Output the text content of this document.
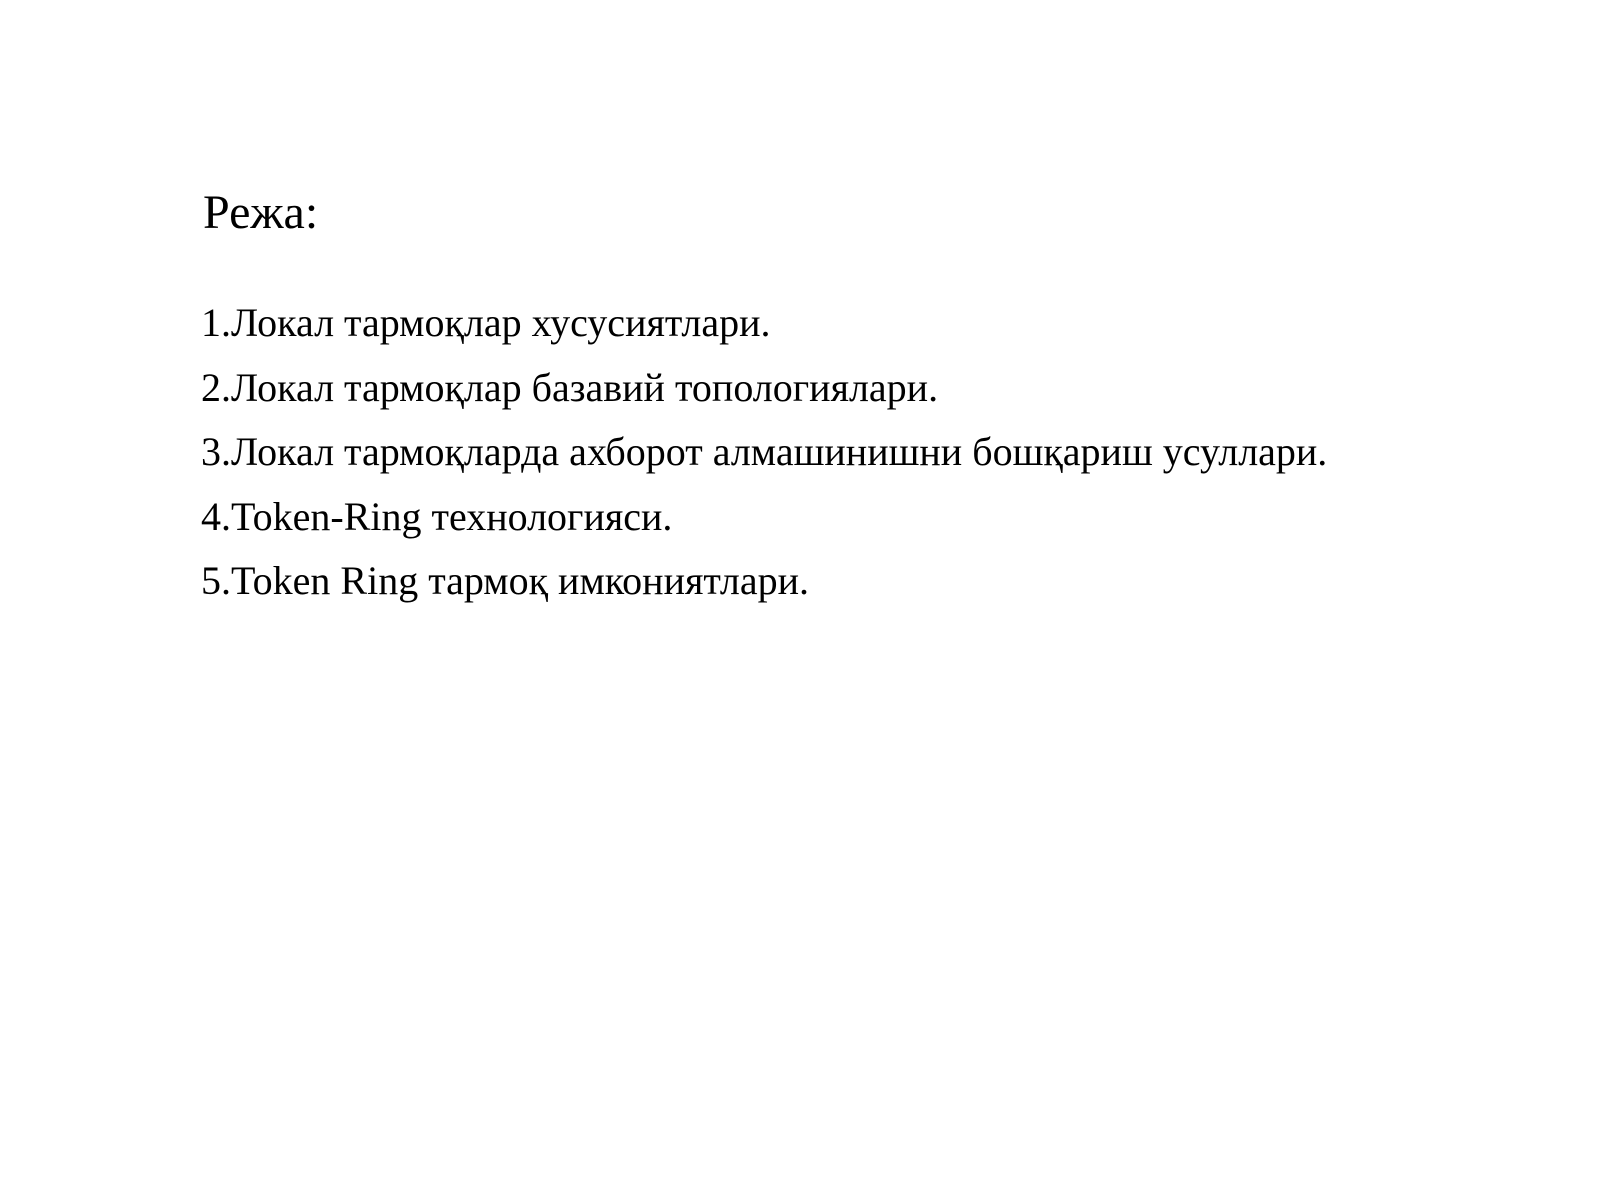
Режа:
1.Локал тармоқлар хусусиятлари.
2.Локал тармоқлар базавий топологиялари.
3.Локал тармоқларда ахборот алмашинишни бошқариш усуллари.
4.Token-Ring технологияси.
5.Token Ring тармоқ имкониятлари.
